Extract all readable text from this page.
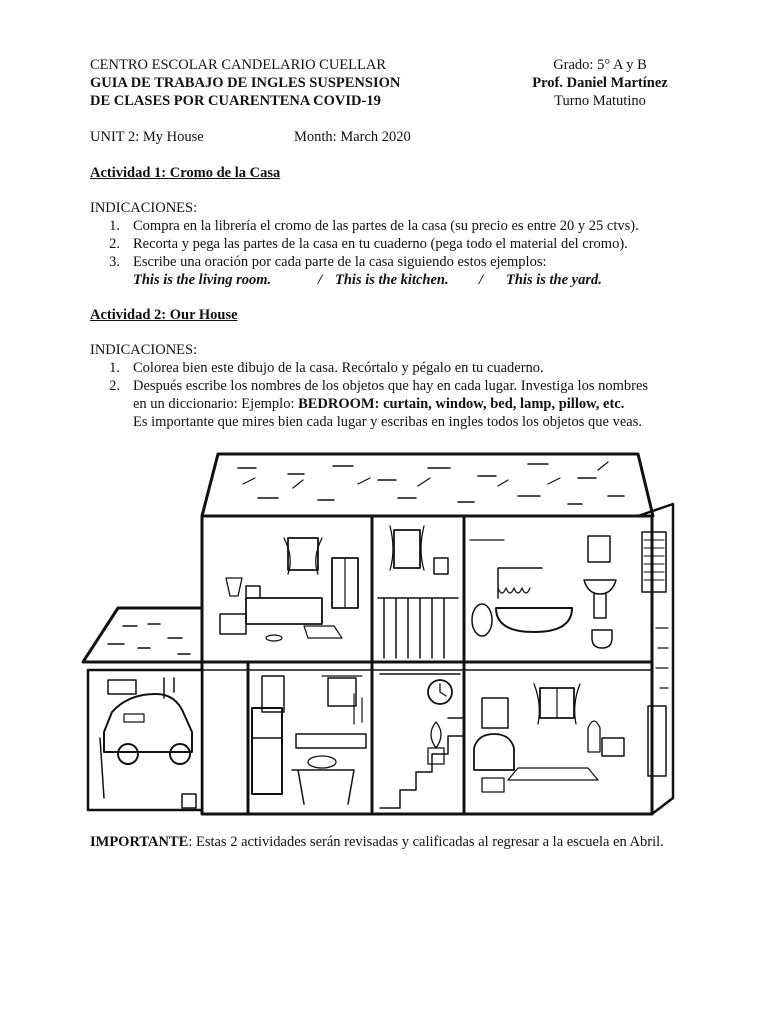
CENTRO ESCOLAR CANDELARIO CUELLAR
GUIA DE TRABAJO DE INGLES SUSPENSION
DE CLASES POR CUARENTENA COVID-19
Grado: 5° A y B
Prof. Daniel Martínez
Turno Matutino
UNIT 2: My House	Month: March 2020
Actividad 1: Cromo de la Casa
INDICACIONES:
1. Compra en la librería el cromo de las partes de la casa (su precio es entre 20 y 25 ctvs).
2. Recorta y pega las partes de la casa en tu cuaderno (pega todo el material del cromo).
3. Escribe una oración por cada parte de la casa siguiendo estos ejemplos:
This is the living room.	/ This is the kitchen. / This is the yard.
Actividad 2: Our House
INDICACIONES:
1. Colorea bien este dibujo de la casa. Recórtalo y pégalo en tu cuaderno.
2. Después escribe los nombres de los objetos que hay en cada lugar. Investiga los nombres
en un diccionario: Ejemplo: BEDROOM: curtain, window, bed, lamp, pillow, etc.
Es importante que mires bien cada lugar y escribas en ingles todos los objetos que veas.
IMPORTANTE: Estas 2 actividades serán revisadas y calificadas al regresar a la escuela en Abril.
